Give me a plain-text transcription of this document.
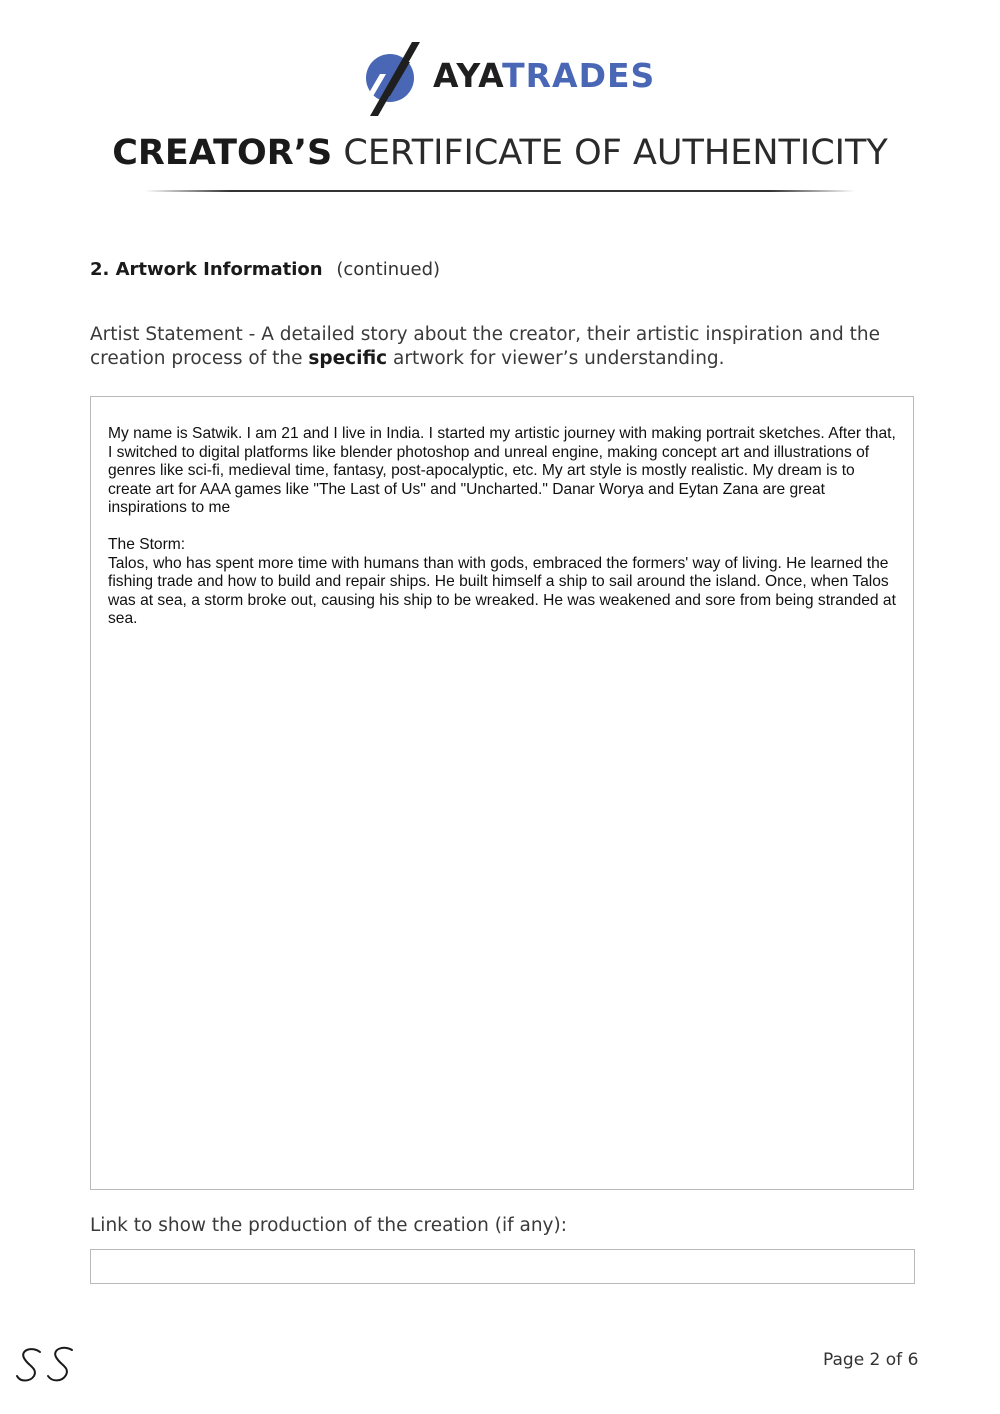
AYATRADES
CREATOR’S CERTIFICATE OF AUTHENTICITY
2. Artwork Information (continued)
Artist Statement - A detailed story about the creator, their artistic inspiration and the creation process of the specific artwork for viewer’s understanding.

My name is Satwik. I am 21 and I live in India. I started my artistic journey with making portrait sketches. After that, I switched to digital platforms like blender photoshop and unreal engine, making concept art and illustrations of genres like sci-fi, medieval time, fantasy, post-apocalyptic, etc. My art style is mostly realistic. My dream is to create art for AAA games like "The Last of Us" and "Uncharted." Danar Worya and Eytan Zana are great inspirations to me

The Storm:

Talos, who has spent more time with humans than with gods, embraced the formers' way of living. He learned the fishing trade and how to build and repair ships. He built himself a ship to sail around the island. Once, when Talos was at sea, a storm broke out, causing his ship to be wreaked. He was weakened and sore from being stranded at sea.

Link to show the production of the creation (if any):
Page 2 of 6
